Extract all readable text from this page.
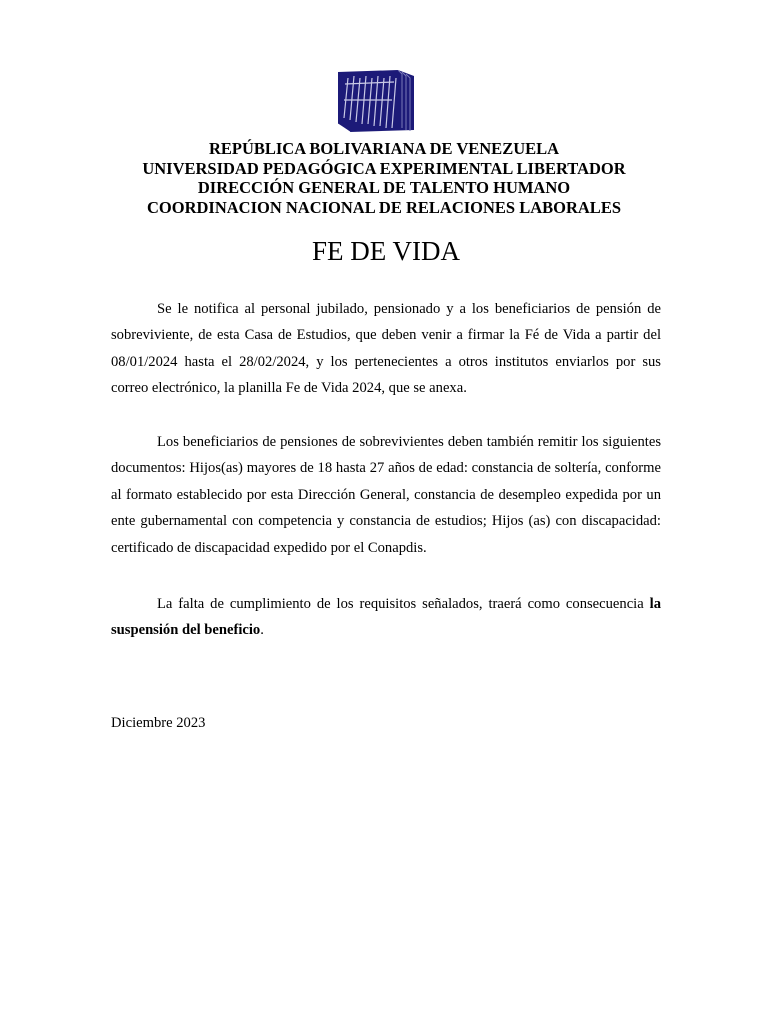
REPÚBLICA BOLIVARIANA DE VENEZUELA
UNIVERSIDAD PEDAGÓGICA EXPERIMENTAL LIBERTADOR
DIRECCIÓN GENERAL DE TALENTO HUMANO
COORDINACION NACIONAL DE RELACIONES LABORALES
FE DE VIDA

Se le notifica al personal jubilado, pensionado y a los beneficiarios de pensión de sobreviviente, de esta Casa de Estudios, que deben venir a firmar la Fé de Vida a partir del 08/01/2024 hasta el 28/02/2024, y los pertenecientes a otros institutos enviarlos por sus correo electrónico, la planilla Fe de Vida 2024, que se anexa.

Los beneficiarios de pensiones de sobrevivientes deben también remitir los siguientes documentos: Hijos(as) mayores de 18 hasta 27 años de edad: constancia de soltería, conforme al formato establecido por esta Dirección General, constancia de desempleo expedida por un ente gubernamental con competencia y constancia de estudios; Hijos (as) con discapacidad: certificado de discapacidad expedido por el Conapdis.

La falta de cumplimiento de los requisitos señalados, traerá como consecuencia la suspensión del beneficio.

Diciembre 2023
